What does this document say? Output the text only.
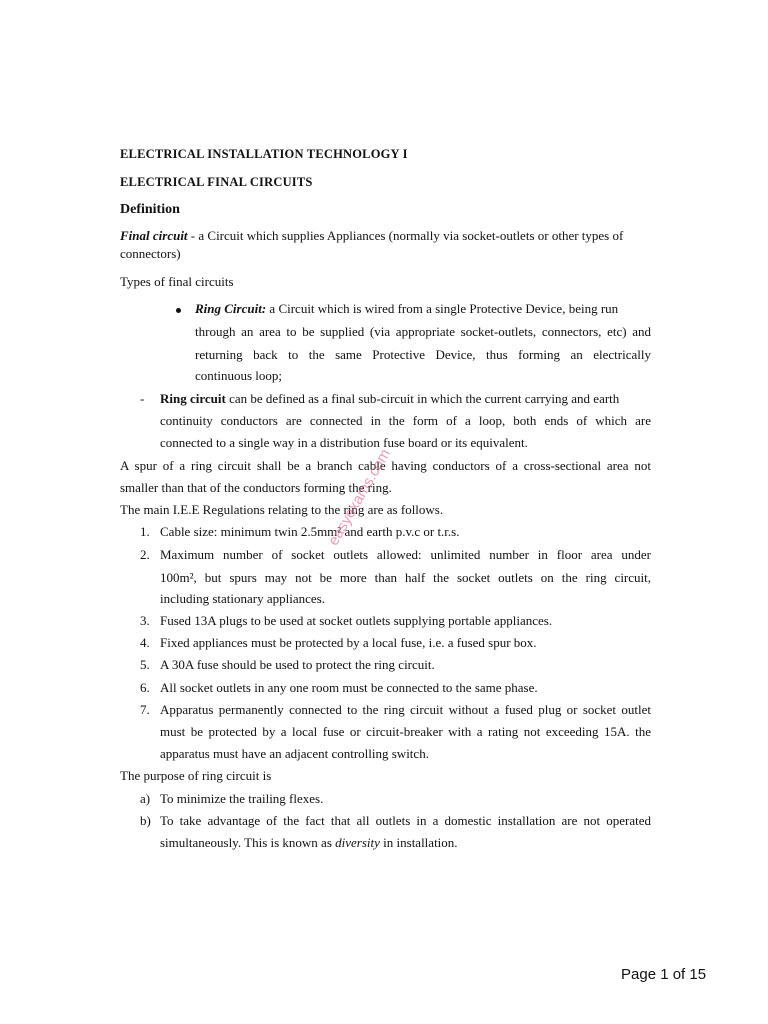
ELECTRICAL INSTALLATION TECHNOLOGY I
ELECTRICAL FINAL CIRCUITS
Definition
Final circuit - a Circuit which supplies Appliances (normally via socket-outlets or other types of
connectors)
Types of final circuits
Ring Circuit: a Circuit which is wired from a single Protective Device, being run
through an area to be supplied (via appropriate socket-outlets, connectors, etc) and
returning back to the same Protective Device, thus forming an electrically
continuous loop;
- Ring circuit can be defined as a final sub-circuit in which the current carrying and earth
continuity conductors are connected in the form of a loop, both ends of which are
connected to a single way in a distribution fuse board or its equivalent.
A spur of a ring circuit shall be a branch cable having conductors of a cross-sectional area not
smaller than that of the conductors forming the ring.
The main I.E.E Regulations relating to the ring are as follows.
1. Cable size: minimum twin 2.5mm² and earth p.v.c or t.r.s.
2. Maximum number of socket outlets allowed: unlimited number in floor area under
100m², but spurs may not be more than half the socket outlets on the ring circuit,
including stationary appliances.
3. Fused 13A plugs to be used at socket outlets supplying portable appliances.
4. Fixed appliances must be protected by a local fuse, i.e. a fused spur box.
5. A 30A fuse should be used to protect the ring circuit.
6. All socket outlets in any one room must be connected to the same phase.
7. Apparatus permanently connected to the ring circuit without a fused plug or socket outlet
must be protected by a local fuse or circuit-breaker with a rating not exceeding 15A. the
apparatus must have an adjacent controlling switch.
The purpose of ring circuit is
a) To minimize the trailing flexes.
b) To take advantage of the fact that all outlets in a domestic installation are not operated
simultaneously. This is known as diversity in installation.
easyexams.com
Page 1 of 15
